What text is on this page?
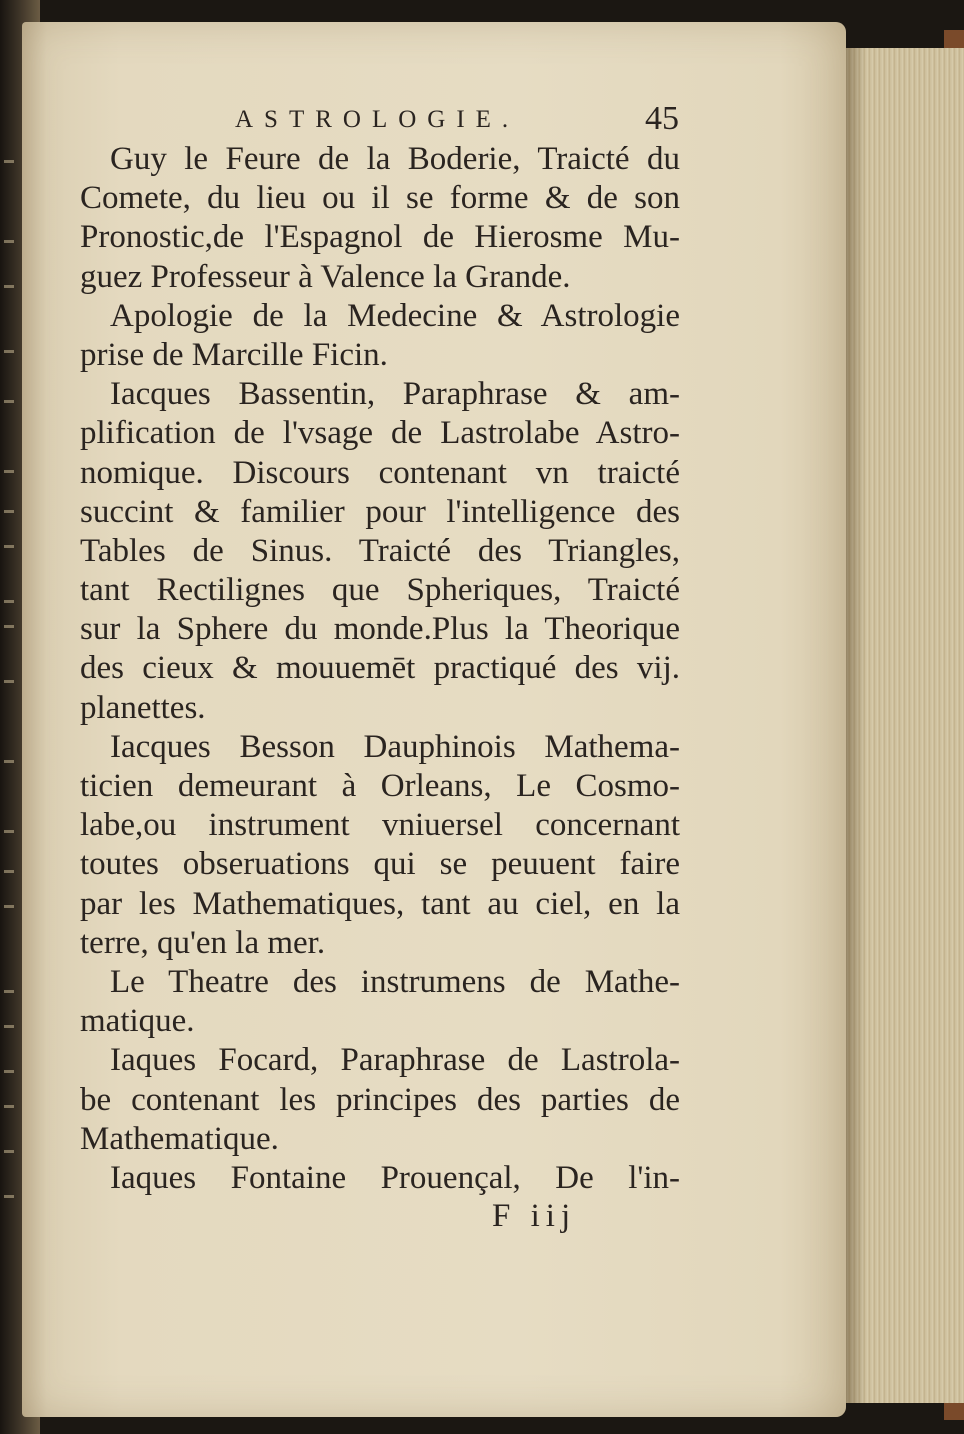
ASTROLOGIE.	45
Guy le Feure de la Boderie, Traicté du
Comete, du lieu ou il se forme & de son
Pronostic,de l'Espagnol de Hierosme Mu-
guez Professeur à Valence la Grande.
Apologie de la Medecine & Astrologie
prise de Marcille Ficin.
Iacques Bassentin, Paraphrase & am-
plification de l'vsage de Lastrolabe Astro-
nomique. Discours contenant vn traicté
succint & familier pour l'intelligence des
Tables de Sinus. Traicté des Triangles,
tant Rectilignes que Spheriques, Traicté
sur la Sphere du monde.Plus la Theorique
des cieux & mouuemēt practiqué des vij.
planettes.
Iacques Besson Dauphinois Mathema-
ticien demeurant à Orleans, Le Cosmo-
labe,ou instrument vniuersel concernant
toutes obseruations qui se peuuent faire
par les Mathematiques, tant au ciel, en la
terre, qu'en la mer.
Le Theatre des instrumens de Mathe-
matique.
Iaques Focard, Paraphrase de Lastrola-
be contenant les principes des parties de
Mathematique.
Iaques Fontaine Prouençal, De l'in-
F iij
